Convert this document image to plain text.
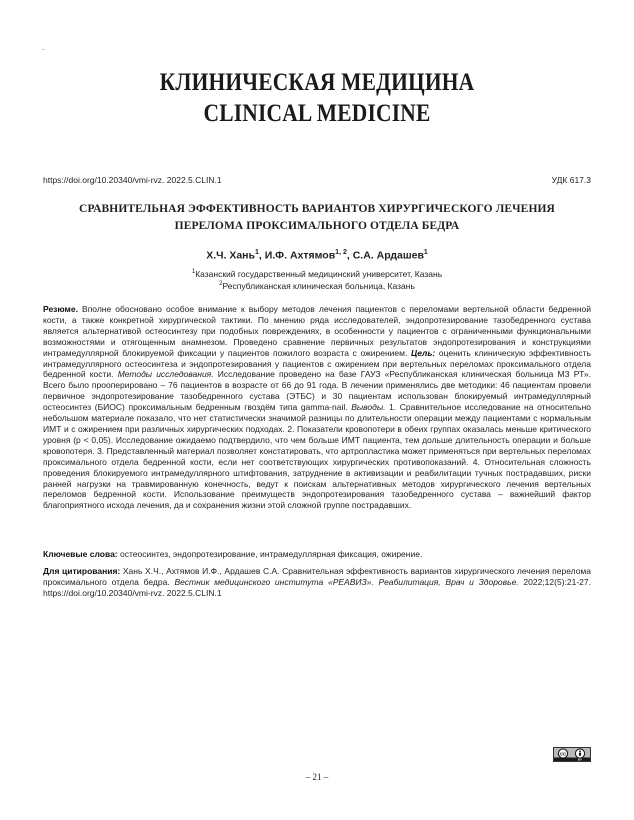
.
КЛИНИЧЕСКАЯ МЕДИЦИНА
CLINICAL MEDICINE
https://doi.org/10.20340/vmi-rvz. 2022.5.CLIN.1	УДК 617.3
СРАВНИТЕЛЬНАЯ ЭФФЕКТИВНОСТЬ ВАРИАНТОВ ХИРУРГИЧЕСКОГО ЛЕЧЕНИЯ
ПЕРЕЛОМА ПРОКСИМАЛЬНОГО ОТДЕЛА БЕДРА
Х.Ч. Хань$^1$, И.Ф. Ахтямов$^{1, 2}$, С.А. Ардашев$^1$
$^1$Казанский государственный медицинский университет, Казань
$^2$Республиканская клиническая больница, Казань
Резюме. Вполне обосновано особое внимание к выбору методов лечения пациентов с переломами вертельной области бедренной кости, а также конкретной хирургической тактики. По мнению ряда исследователей, эндопротезирование тазобедренного сустава является альтернативой остеосинтезу при подобных повреждениях, в особенности у пациентов с ограниченными функциональными возможностями и отягощенным анамнезом. Проведено сравнение первичных результатов эндопротезирования и конструкциями интрамедуллярной блокируемой фиксации у пациентов пожилого возраста с ожирением. Цель: оценить клиническую эффективность интрамедуллярного остеосинтеза и эндопротезирования у пациентов с ожирением при вертельных переломах проксимального отдела бедренной кости. Методы исследования. Исследование проведено на базе ГАУЗ «Республиканская клиническая больница МЗ РТ». Всего было прооперировано – 76 пациентов в возрасте от 66 до 91 года. В лечении применялись две методики: 46 пациентам провели первичное эндопротезирование тазобедренного сустава (ЭТБС) и 30 пациентам использован блокируемый интрамедуллярный остеосинтез (БИОС) проксимальным бедренным гвоздём типа gamma-nail. Выводы. 1. Сравнительное исследование на относительно небольшом материале показало, что нет статистически значимой разницы по длительности операции между пациентами с нормальным ИМТ и с ожирением при различных хирургических подходах. 2. Показатели кровопотери в обеих группах оказалась меньше критического уровня (р < 0,05). Исследование ожидаемо подтвердило, что чем больше ИМТ пациента, тем дольше длительность операции и больше кровопотеря. 3. Представленный материал позволяет констатировать, что артропластика может применяться при вертельных переломах проксимального отдела бедренной кости, если нет соответствующих хирургических противопоказаний. 4. Относительная сложность проведения блокируемого интрамедуллярного штифтования, затруднение в активизации и реабилитации тучных пострадавших, риски ранней нагрузки на травмированную конечность, ведут к поискам альтернативных методов хирургического лечения вертельных переломов бедренной кости. Использование преимуществ эндопротезирования тазобедренного сустава – важнейший фактор благоприятного исхода лечения, да и сохранения жизни этой сложной группе пострадавших.
Ключевые слова: остеосинтез, эндопротезирование, интрамедуллярная фиксация, ожирение.
Для цитирования: Хань Х.Ч., Ахтямов И.Ф., Ардашев С.А. Сравнительная эффективность вариантов хирургического лечения перелома проксимального отдела бедра. Вестник медицинского института «РЕАВИЗ». Реабилитация, Врач и Здоровье. 2022;12(5):21-27. https://doi.org/10.20340/vmi-rvz. 2022.5.CLIN.1
cc
BY
– 21 –
